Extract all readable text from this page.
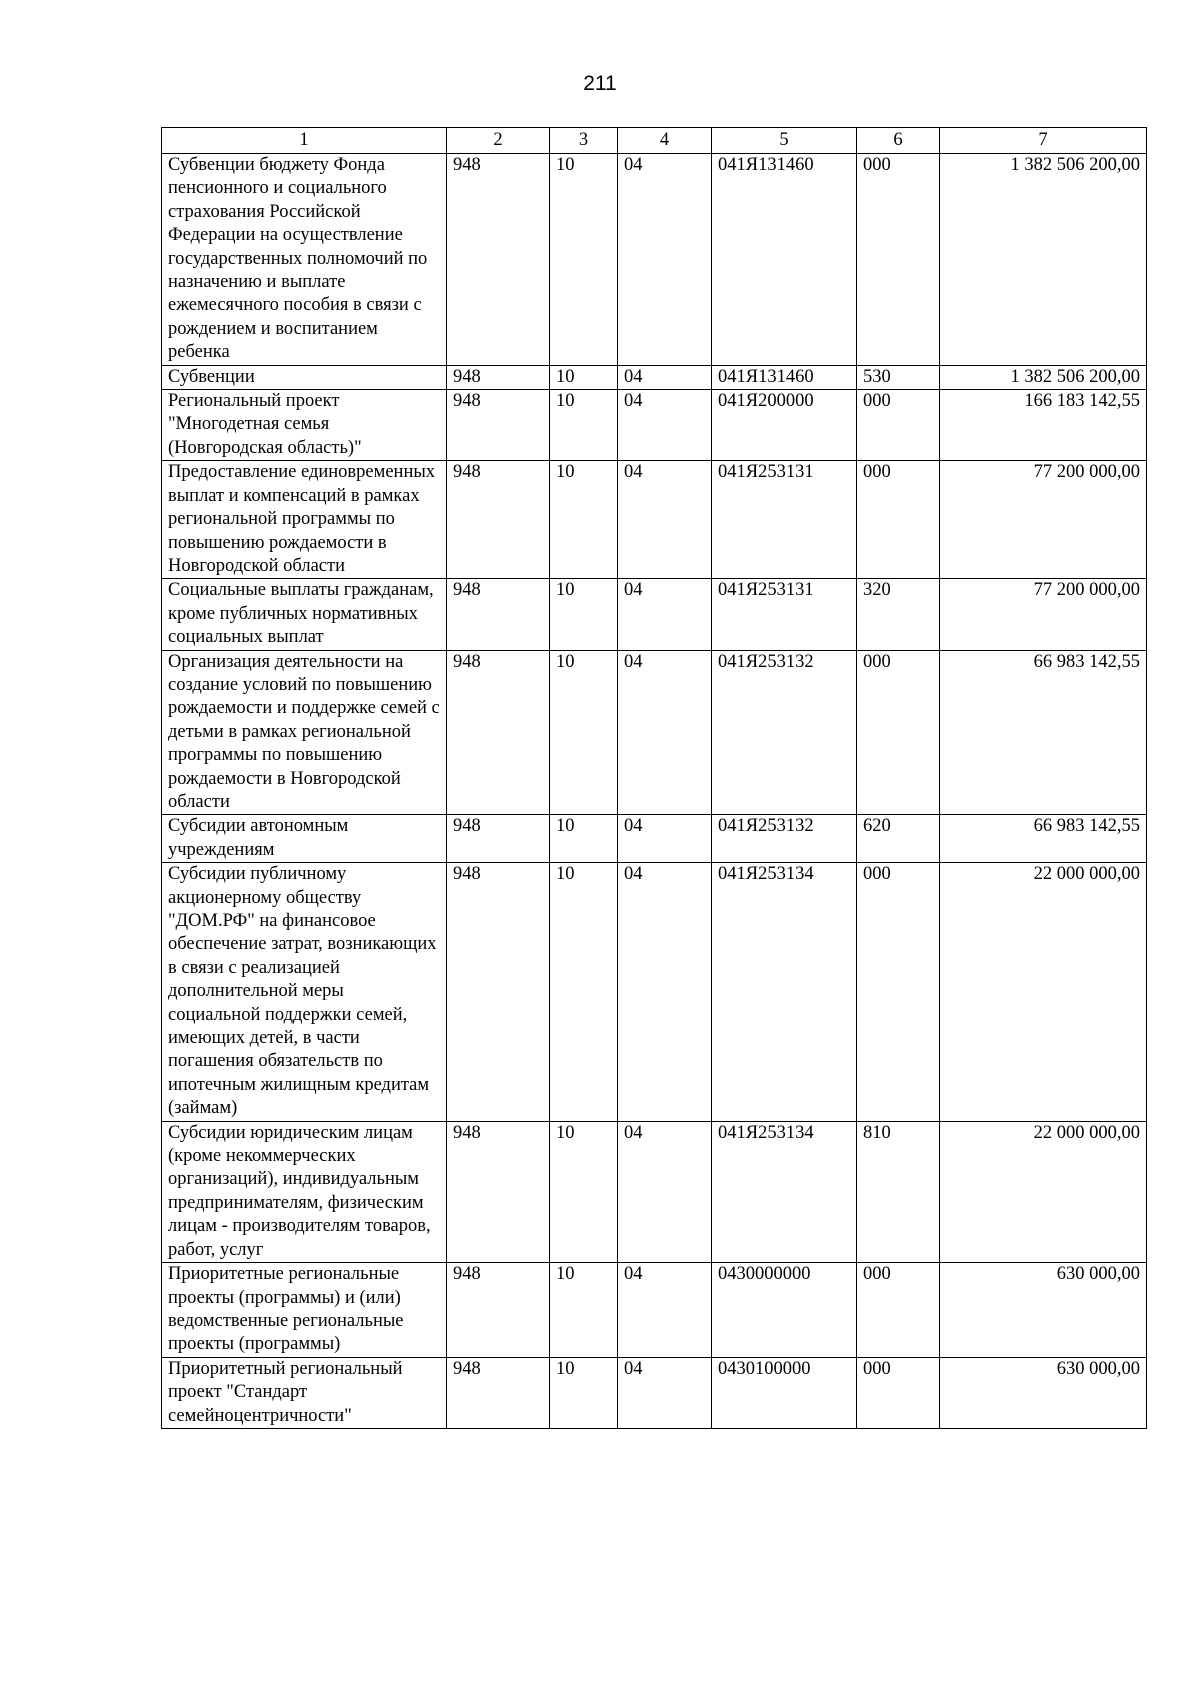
211
1	2	3	4	5	6	7
Субвенции бюджету Фонда пенсионного и социального страхования Российской Федерации на осуществление государственных полномочий по назначению и выплате ежемесячного пособия в связи с рождением и воспитанием ребенка	948	10	04	041Я131460	000	1 382 506 200,00
Субвенции	948	10	04	041Я131460	530	1 382 506 200,00
Региональный проект "Многодетная семья (Новгородская область)"	948	10	04	041Я200000	000	166 183 142,55
Предоставление единовременных выплат и компенсаций в рамках региональной программы по повышению рождаемости в Новгородской области	948	10	04	041Я253131	000	77 200 000,00
Социальные выплаты гражданам, кроме публичных нормативных социальных выплат	948	10	04	041Я253131	320	77 200 000,00
Организация деятельности на создание условий по повышению рождаемости и поддержке семей с детьми в рамках региональной программы по повышению рождаемости в Новгородской области	948	10	04	041Я253132	000	66 983 142,55
Субсидии автономным учреждениям	948	10	04	041Я253132	620	66 983 142,55
Субсидии публичному акционерному обществу "ДОМ.РФ" на финансовое обеспечение затрат, возникающих в связи с реализацией дополнительной меры социальной поддержки семей, имеющих детей, в части погашения обязательств по ипотечным жилищным кредитам (займам)	948	10	04	041Я253134	000	22 000 000,00
Субсидии юридическим лицам (кроме некоммерческих организаций), индивидуальным предпринимателям, физическим лицам - производителям товаров, работ, услуг	948	10	04	041Я253134	810	22 000 000,00
Приоритетные региональные проекты (программы) и (или) ведомственные региональные проекты (программы)	948	10	04	0430000000	000	630 000,00
Приоритетный региональный проект "Стандарт семейноцентричности"	948	10	04	0430100000	000	630 000,00
